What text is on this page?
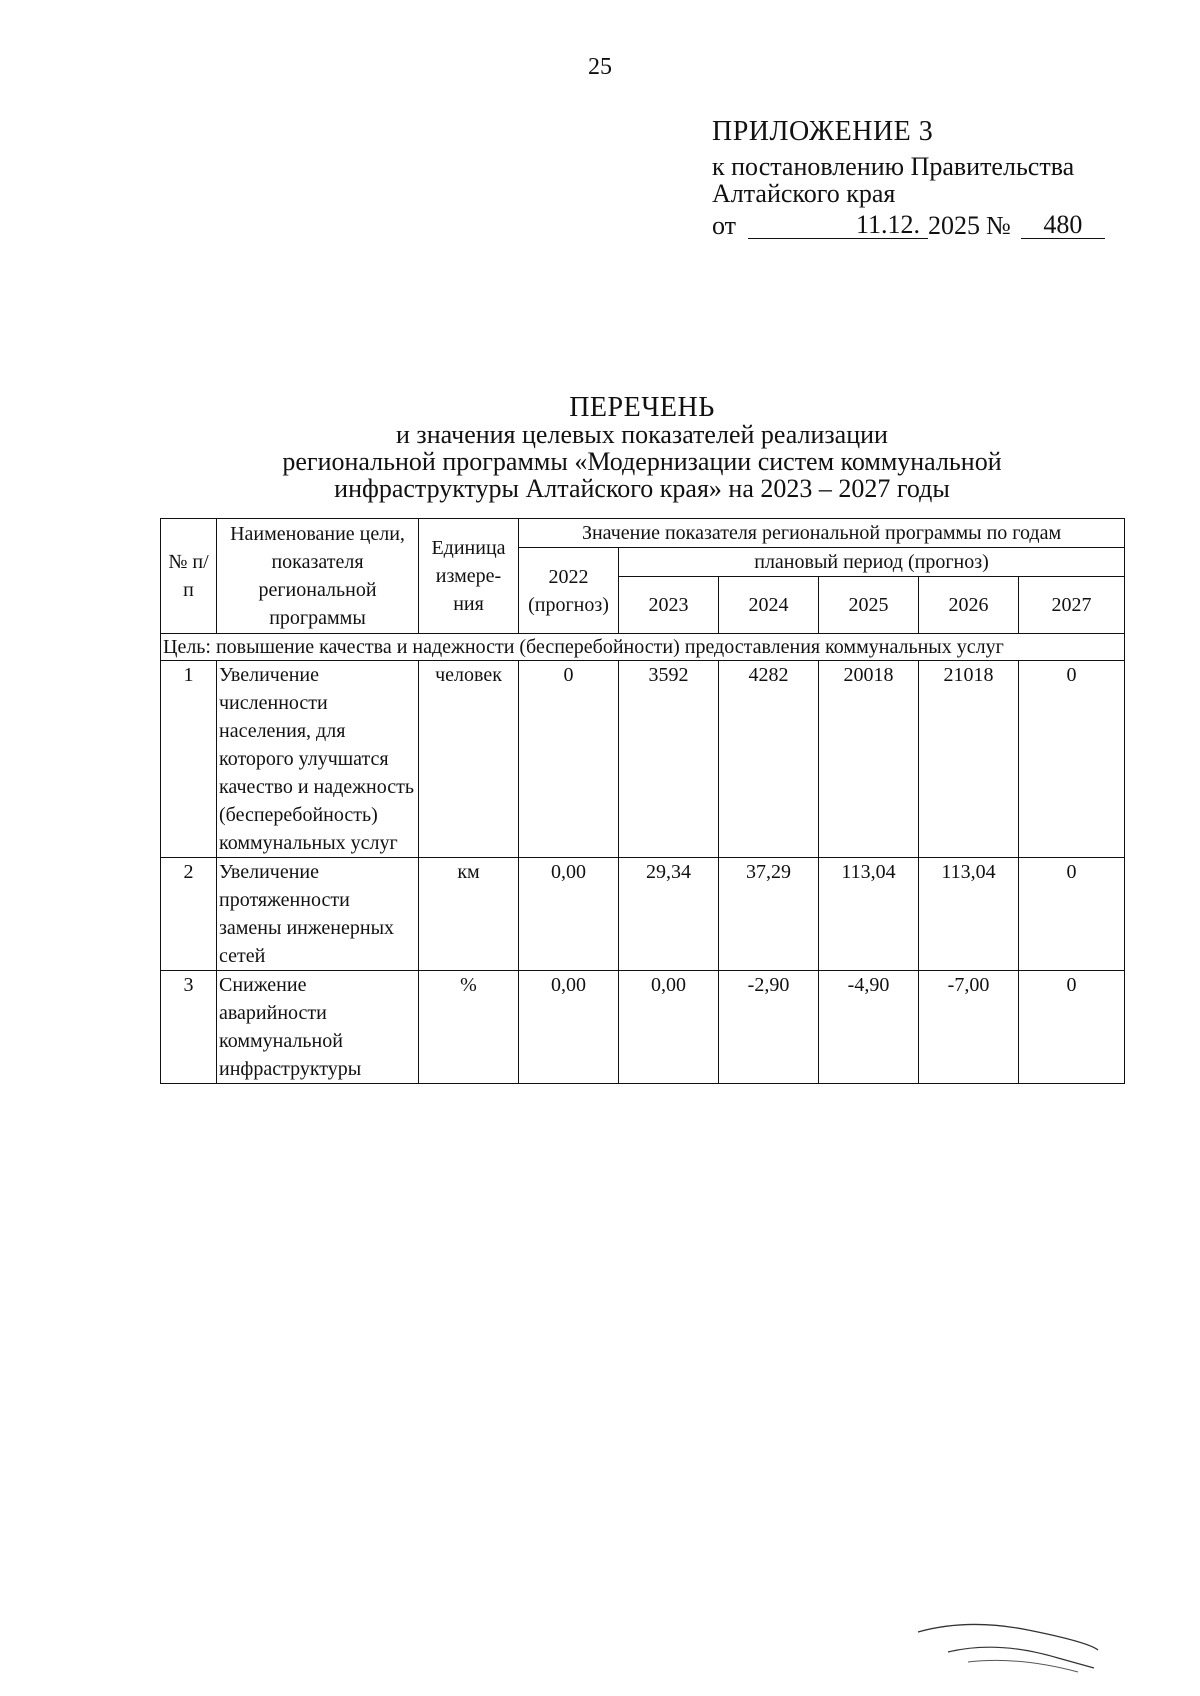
25
ПРИЛОЖЕНИЕ 3
к постановлению Правительства
Алтайского края
от	11.12. 2025 №	480
ПЕРЕЧЕНЬ
и значения целевых показателей реализации
региональной программы «Модернизации систем коммунальной
инфраструктуры Алтайского края» на 2023 – 2027 годы
№ п/п	Наименование цели, показателя региональной программы	Единица измере-ния	Значение показателя региональной программы по годам					
			2022 (прогноз)	плановый период (прогноз)				
				2023	2024	2025	2026	2027
Цель: повышение качества и надежности (бесперебойности) предоставления коммунальных услуг								
1	Увеличение численности населения, для которого улучшатся качество и надежность (бесперебойность) коммунальных услуг	человек	0	3592	4282	20018	21018	0
2	Увеличение протяженности замены инженерных сетей	км	0,00	29,34	37,29	113,04	113,04	0
3	Снижение аварийности коммунальной инфраструктуры	%	0,00	0,00	-2,90	-4,90	-7,00	0
